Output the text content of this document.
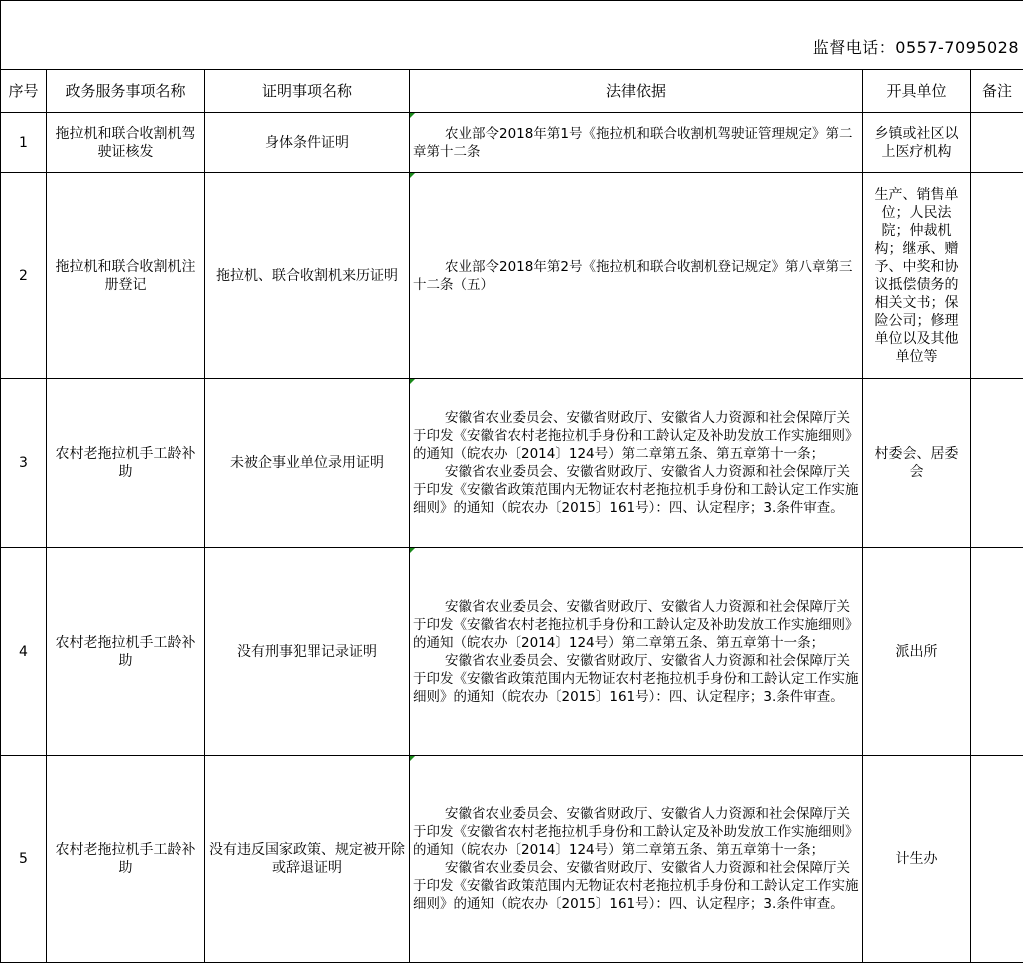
监督电话：0557-7095028					
序号	政务服务事项名称	证明事项名称	法律依据	开具单位	备注
1	拖拉机和联合收割机驾驶证核发	身体条件证明	农业部令2018年第1号《拖拉机和联合收割机驾驶证管理规定》第二章第十二条	乡镇或社区以上医疗机构	
2	拖拉机和联合收割机注册登记	拖拉机、联合收割机来历证明	农业部令2018年第2号《拖拉机和联合收割机登记规定》第八章第三十二条（五）	生产、销售单位；人民法院；仲裁机构；继承、赠予、中奖和协议抵偿债务的相关文书；保险公司；修理单位以及其他单位等	
3	农村老拖拉机手工龄补助	未被企事业单位录用证明	安徽省农业委员会、安徽省财政厅、安徽省人力资源和社会保障厅关于印发《安徽省农村老拖拉机手身份和工龄认定及补助发放工作实施细则》的通知（皖农办〔2014〕124号）第二章第五条、第五章第十一条；
安徽省农业委员会、安徽省财政厅、安徽省人力资源和社会保障厅关于印发《安徽省政策范围内无物证农村老拖拉机手身份和工龄认定工作实施细则》的通知（皖农办〔2015〕161号）：四、认定程序；3.条件审查。	村委会、居委会	
4	农村老拖拉机手工龄补助	没有刑事犯罪记录证明	安徽省农业委员会、安徽省财政厅、安徽省人力资源和社会保障厅关于印发《安徽省农村老拖拉机手身份和工龄认定及补助发放工作实施细则》的通知（皖农办〔2014〕124号）第二章第五条、第五章第十一条；
安徽省农业委员会、安徽省财政厅、安徽省人力资源和社会保障厅关于印发《安徽省政策范围内无物证农村老拖拉机手身份和工龄认定工作实施细则》的通知（皖农办〔2015〕161号）：四、认定程序；3.条件审查。	派出所	
5	农村老拖拉机手工龄补助	没有违反国家政策、规定被开除或辞退证明	安徽省农业委员会、安徽省财政厅、安徽省人力资源和社会保障厅关于印发《安徽省农村老拖拉机手身份和工龄认定及补助发放工作实施细则》的通知（皖农办〔2014〕124号）第二章第五条、第五章第十一条；
安徽省农业委员会、安徽省财政厅、安徽省人力资源和社会保障厅关于印发《安徽省政策范围内无物证农村老拖拉机手身份和工龄认定工作实施细则》的通知（皖农办〔2015〕161号）：四、认定程序；3.条件审查。	计生办	
